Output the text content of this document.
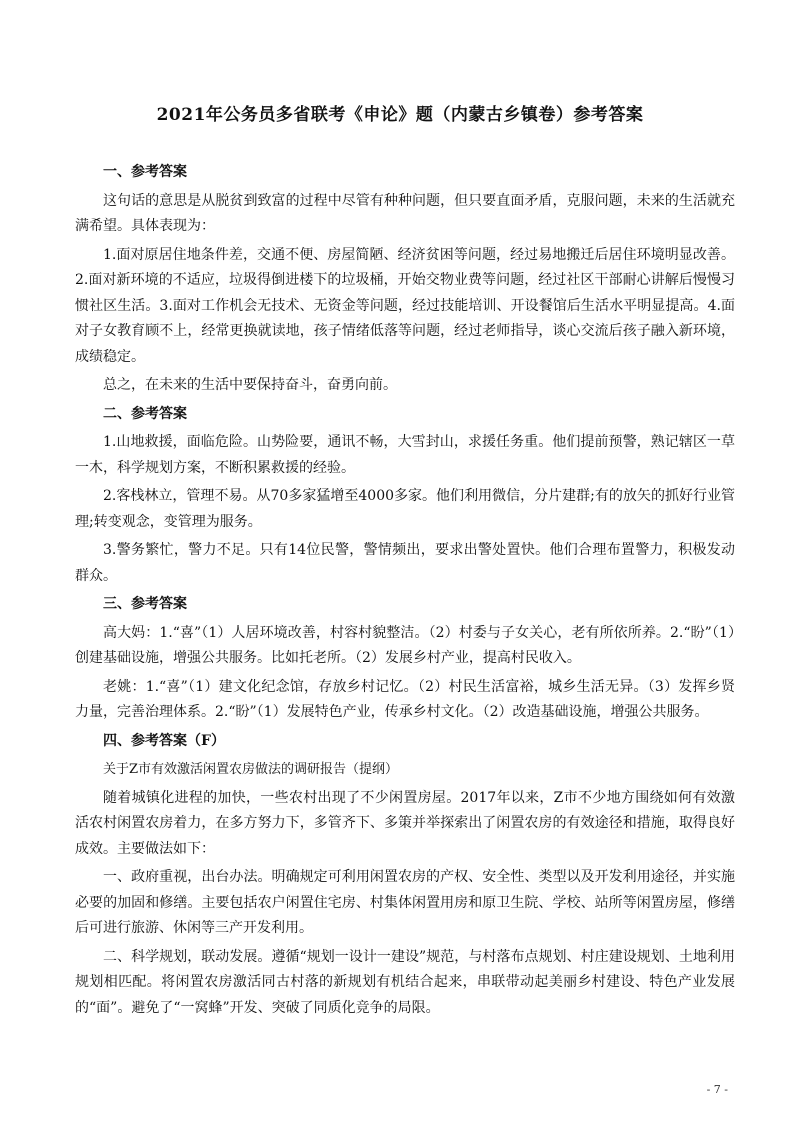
2021年公务员多省联考《申论》题（内蒙古乡镇卷）参考答案
一、参考答案
这句话的意思是从脱贫到致富的过程中尽管有种种问题，但只要直面矛盾，克服问题，未来的生活就充满希望。具体表现为：
1.面对原居住地条件差，交通不便、房屋简陋、经济贫困等问题，经过易地搬迁后居住环境明显改善。2.面对新环境的不适应，垃圾得倒进楼下的垃圾桶，开始交物业费等问题，经过社区干部耐心讲解后慢慢习惯社区生活。3.面对工作机会无技术、无资金等问题，经过技能培训、开设餐馆后生活水平明显提高。4.面对子女教育顾不上，经常更换就读地，孩子情绪低落等问题，经过老师指导，谈心交流后孩子融入新环境，成绩稳定。
总之，在未来的生活中要保持奋斗，奋勇向前。
二、参考答案
1.山地救援，面临危险。山势险要，通讯不畅，大雪封山，求援任务重。他们提前预警，熟记辖区一草一木，科学规划方案，不断积累救援的经验。
2.客栈林立，管理不易。从70多家猛增至4000多家。他们利用微信，分片建群;有的放矢的抓好行业管理;转变观念，变管理为服务。
3.警务繁忙，警力不足。只有14位民警，警情频出，要求出警处置快。他们合理布置警力，积极发动群众。
三、参考答案
高大妈：1.“喜”（1）人居环境改善，村容村貌整洁。（2）村委与子女关心，老有所依所养。2.“盼”（1）创建基础设施，增强公共服务。比如托老所。（2）发展乡村产业，提高村民收入。
老姚：1.“喜”（1）建文化纪念馆，存放乡村记忆。（2）村民生活富裕，城乡生活无异。（3）发挥乡贤力量，完善治理体系。2.“盼”（1）发展特色产业，传承乡村文化。（2）改造基础设施，增强公共服务。
四、参考答案（F）
关于Z市有效激活闲置农房做法的调研报告（提纲）
随着城镇化进程的加快，一些农村出现了不少闲置房屋。2017年以来，Z市不少地方围绕如何有效激活农村闲置农房着力，在多方努力下，多管齐下、多策并举探索出了闲置农房的有效途径和措施，取得良好成效。主要做法如下：
一、政府重视，出台办法。明确规定可利用闲置农房的产权、安全性、类型以及开发利用途径，并实施必要的加固和修缮。主要包括农户闲置住宅房、村集体闲置用房和原卫生院、学校、站所等闲置房屋，修缮后可进行旅游、休闲等三产开发利用。
二、科学规划，联动发展。遵循“规划一设计一建设”规范，与村落布点规划、村庄建设规划、土地利用规划相匹配。将闲置农房激活同古村落的新规划有机结合起来，串联带动起美丽乡村建设、特色产业发展的“面”。避免了“一窝蜂”开发、突破了同质化竞争的局限。
- 7 -
